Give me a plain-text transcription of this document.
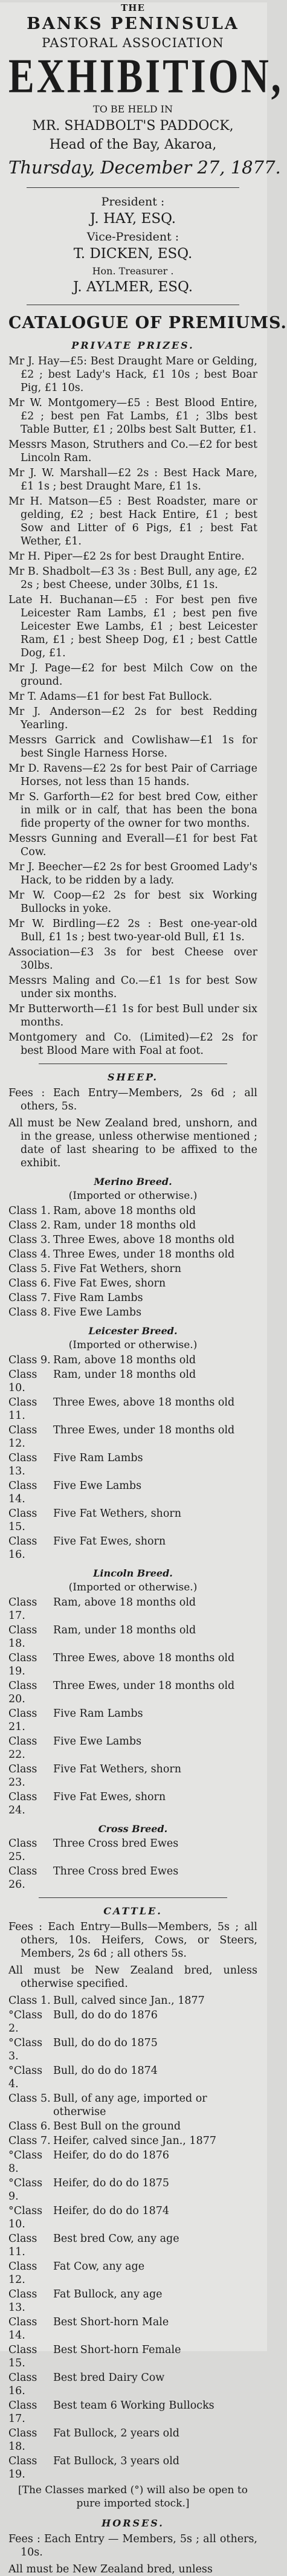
THE
BANKS PENINSULA
PASTORAL ASSOCIATION
EXHIBITION,
TO BE HELD IN
MR. SHADBOLT'S PADDOCK,
Head of the Bay, Akaroa,
Thursday, December 27, 1877.
President :
J. HAY, ESQ.
Vice-President :
T. DICKEN, ESQ.
Hon. Treasurer .
J. AYLMER, ESQ.
CATALOGUE OF PREMIUMS.
PRIVATE PRIZES.
Mr J. Hay—£5: Best Draught Mare or Gelding, £2 ; best Lady's Hack, £1 10s ; best Boar Pig, £1 10s.
Mr W. Montgomery—£5 : Best Blood Entire, £2 ; best pen Fat Lambs, £1 ; 3lbs best Table Butter, £1 ; 20lbs best Salt Butter, £1.
Messrs Mason, Struthers and Co.—£2 for best Lincoln Ram.
Mr J. W. Marshall—£2 2s : Best Hack Mare, £1 1s ; best Draught Mare, £1 1s.
Mr H. Matson—£5 : Best Roadster, mare or gelding, £2 ; best Hack Entire, £1 ; best Sow and Litter of 6 Pigs, £1 ; best Fat Wether, £1.
Mr H. Piper—£2 2s for best Draught Entire.
Mr B. Shadbolt—£3 3s : Best Bull, any age, £2 2s ; best Cheese, under 30lbs, £1 1s.
Late H. Buchanan—£5 : For best pen five Leicester Ram Lambs, £1 ; best pen five Leicester Ewe Lambs, £1 ; best Leicester Ram, £1 ; best Sheep Dog, £1 ; best Cattle Dog, £1.
Mr J. Page—£2 for best Milch Cow on the ground.
Mr T. Adams—£1 for best Fat Bullock.
Mr J. Anderson—£2 2s for best Redding Yearling.
Messrs Garrick and Cowlishaw—£1 1s for best Single Harness Horse.
Mr D. Ravens—£2 2s for best Pair of Carriage Horses, not less than 15 hands.
Mr S. Garforth—£2 for best bred Cow, either in milk or in calf, that has been the bona fide property of the owner for two months.
Messrs Gunning and Everall—£1 for best Fat Cow.
Mr J. Beecher—£2 2s for best Groomed Lady's Hack, to be ridden by a lady.
Mr W. Coop—£2 2s for best six Working Bullocks in yoke.
Mr W. Birdling—£2 2s : Best one-year-old Bull, £1 1s ; best two-year-old Bull, £1 1s.
Association—£3 3s for best Cheese over 30lbs.
Messrs Maling and Co.—£1 1s for best Sow under six months.
Mr Butterworth—£1 1s for best Bull under six months.
Montgomery and Co. (Limited)—£2 2s for best Blood Mare with Foal at foot.
SHEEP.
Fees : Each Entry—Members, 2s 6d ; all others, 5s.
All must be New Zealand bred, unshorn, and in the grease, unless otherwise mentioned ; date of last shearing to be affixed to the exhibit.
Merino Breed.
(Imported or otherwise.)
Class 1. Ram, above 18 months old
Class 2. Ram, under 18 months old
Class 3. Three Ewes, above 18 months old
Class 4. Three Ewes, under 18 months old
Class 5. Five Fat Wethers, shorn
Class 6. Five Fat Ewes, shorn
Class 7. Five Ram Lambs
Class 8. Five Ewe Lambs
Leicester Breed.
(Imported or otherwise.)
Class 9. Ram, above 18 months old
Class 10.
Ram, under 18 months old
Class 11.
Three Ewes, above 18 months old
Class 12.
Three Ewes, under 18 months old
Class 13.
Five Ram Lambs
Class 14.
Five Ewe Lambs
Class 15.
Five Fat Wethers, shorn
Class 16.
Five Fat Ewes, shorn
Lincoln Breed.
(Imported or otherwise.)
Class 17.
Ram, above 18 months old
Class 18.
Ram, under 18 months old
Class 19.
Three Ewes, above 18 months old
Class 20.
Three Ewes, under 18 months old
Class 21.
Five Ram Lambs
Class 22.
Five Ewe Lambs
Class 23.
Five Fat Wethers, shorn
Class 24.
Five Fat Ewes, shorn
Cross Breed.
Class 25.
Three Cross bred Ewes
Class 26.
Three Cross bred Ewes
CATTLE.
Fees : Each Entry—Bulls—Members, 5s ; all others, 10s. Heifers, Cows, or Steers, Members, 2s 6d ; all others 5s.
All must be New Zealand bred, unless otherwise specified.
Class 1. Bull, calved since Jan., 1877
°Class 2.
Bull, do do do 1876
°Class 3.
Bull, do do do 1875
°Class 4.
Bull, do do do 1874
Class 5. Bull, of any age, imported or otherwise
Class 6. Best Bull on the ground
Class 7. Heifer, calved since Jan., 1877
°Class 8.
Heifer, do do do 1876
°Class 9.
Heifer, do do do 1875
°Class 10.
Heifer, do do do 1874
Class 11.
Best bred Cow, any age
Class 12.
Fat Cow, any age
Class 13.
Fat Bullock, any age
Class 14.
Best Short-horn Male
Class 15.
Best Short-horn Female
Class 16.
Best bred Dairy Cow
Class 17.
Best team 6 Working Bullocks
Class 18.
Fat Bullock, 2 years old
Class 19.
Fat Bullock, 3 years old
[The Classes marked (°) will also be open to pure imported stock.]
HORSES.
Fees : Each Entry — Members, 5s ; all others, 10s.
All must be New Zealand bred, unless
